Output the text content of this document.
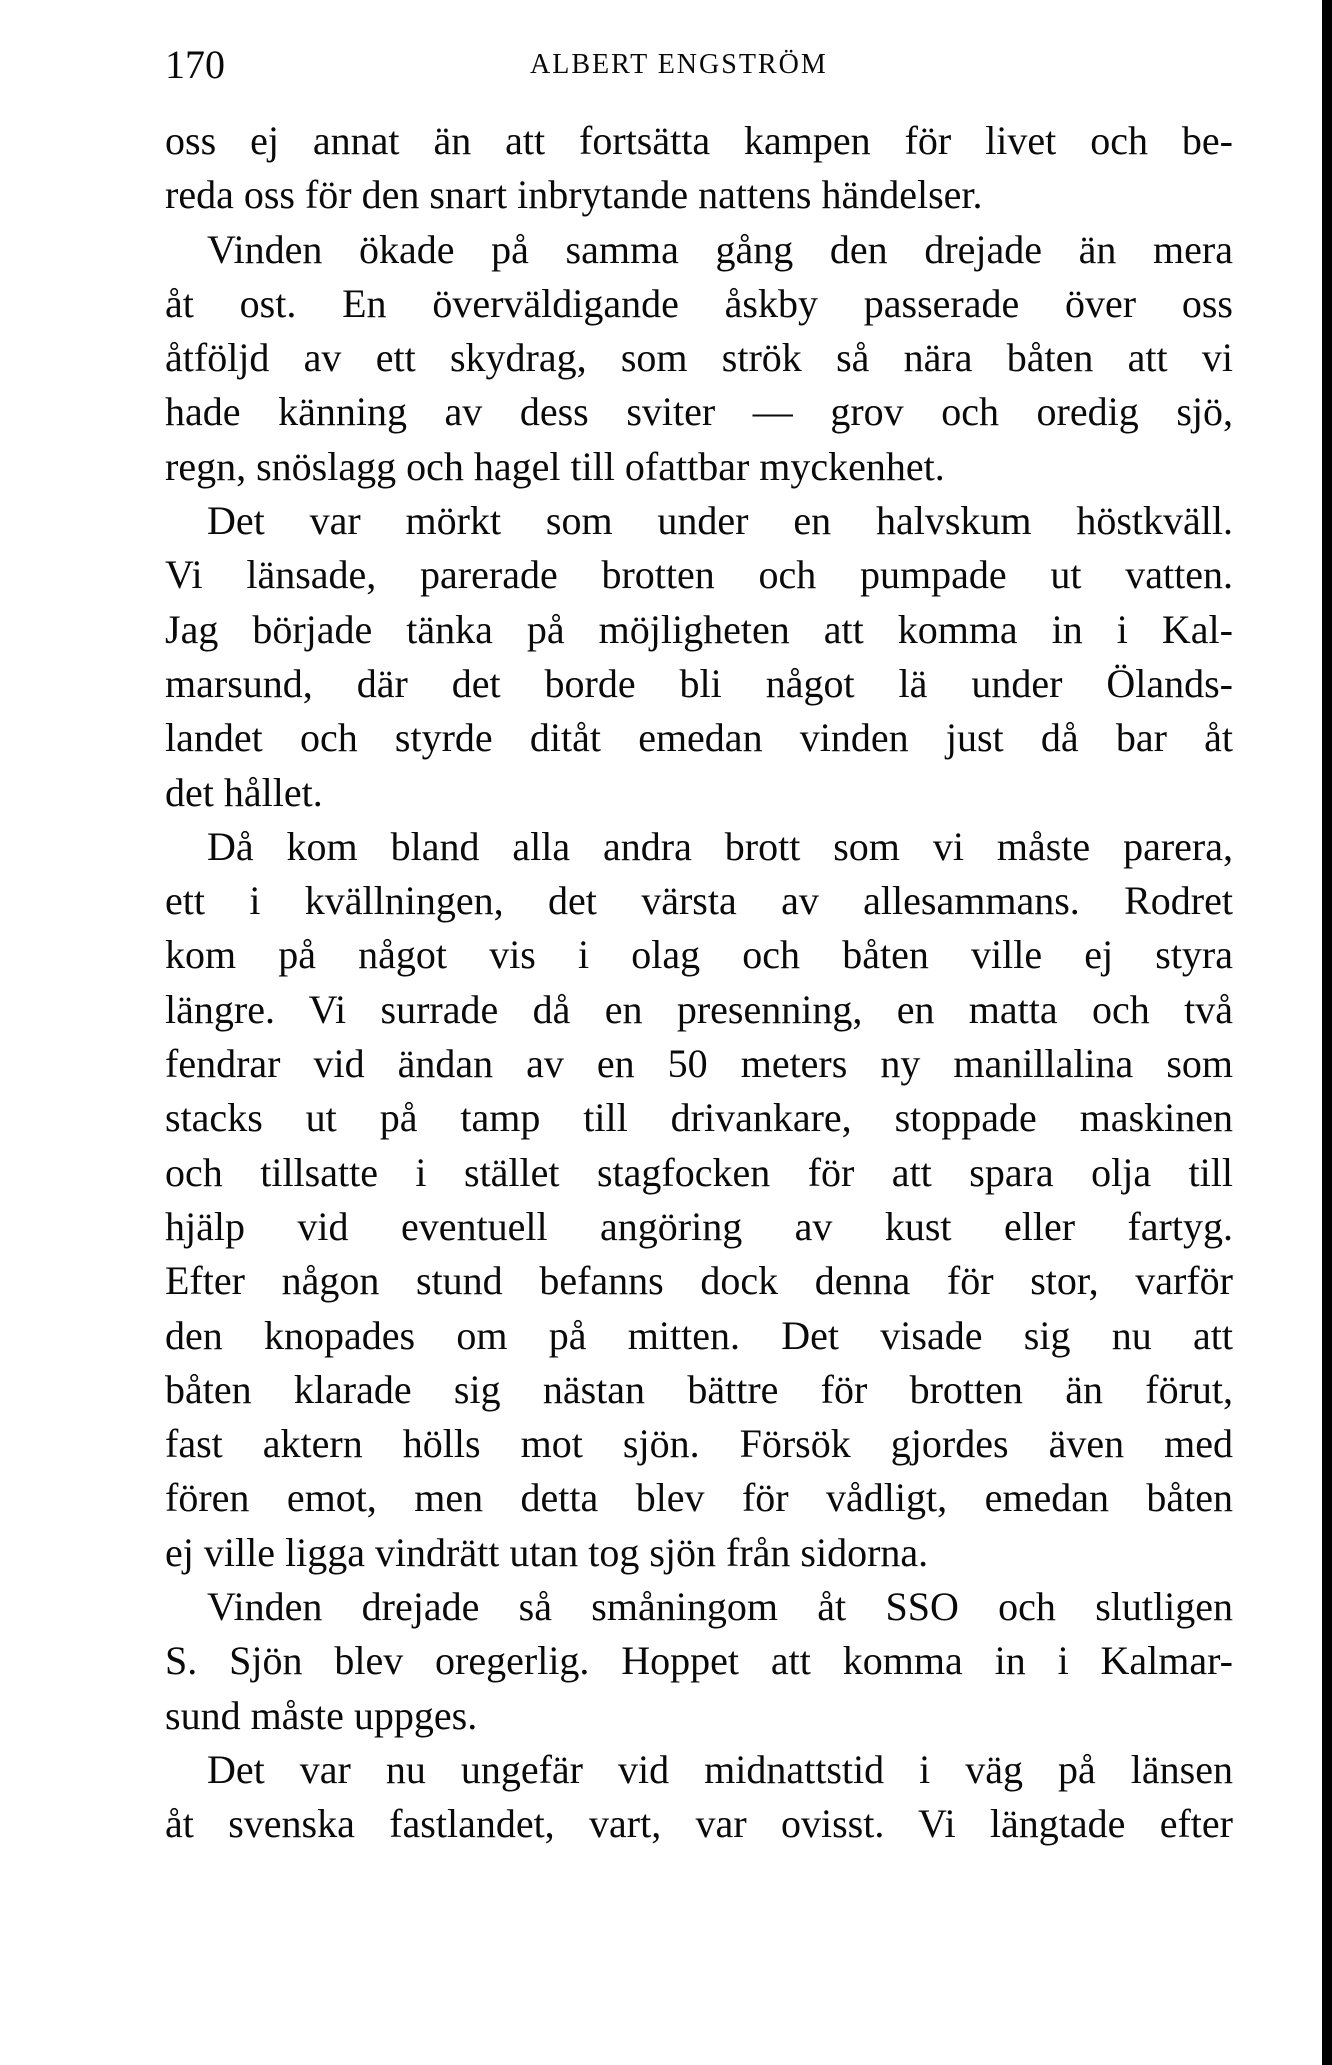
170	ALBERT ENGSTRÖM
oss ej annat än att fortsätta kampen för livet och be-
reda oss för den snart inbrytande nattens händelser.
Vinden ökade på samma gång den drejade än mera
åt ost. En överväldigande åskby passerade över oss
åtföljd av ett skydrag, som strök så nära båten att vi
hade känning av dess sviter — grov och oredig sjö,
regn, snöslagg och hagel till ofattbar myckenhet.
Det var mörkt som under en halvskum höstkväll.
Vi länsade, parerade brotten och pumpade ut vatten.
Jag började tänka på möjligheten att komma in i Kal-
marsund, där det borde bli något lä under Ölands-
landet och styrde ditåt emedan vinden just då bar åt
det hållet.
Då kom bland alla andra brott som vi måste parera,
ett i kvällningen, det värsta av allesammans. Rodret
kom på något vis i olag och båten ville ej styra
längre. Vi surrade då en presenning, en matta och två
fendrar vid ändan av en 50 meters ny manillalina som
stacks ut på tamp till drivankare, stoppade maskinen
och tillsatte i stället stagfocken för att spara olja till
hjälp vid eventuell angöring av kust eller fartyg.
Efter någon stund befanns dock denna för stor, varför
den knopades om på mitten. Det visade sig nu att
båten klarade sig nästan bättre för brotten än förut,
fast aktern hölls mot sjön. Försök gjordes även med
fören emot, men detta blev för vådligt, emedan båten
ej ville ligga vindrätt utan tog sjön från sidorna.
Vinden drejade så småningom åt SSO och slutligen
S. Sjön blev oregerlig. Hoppet att komma in i Kalmar-
sund måste uppges.
Det var nu ungefär vid midnattstid i väg på länsen
åt svenska fastlandet, vart, var ovisst. Vi längtade efter
